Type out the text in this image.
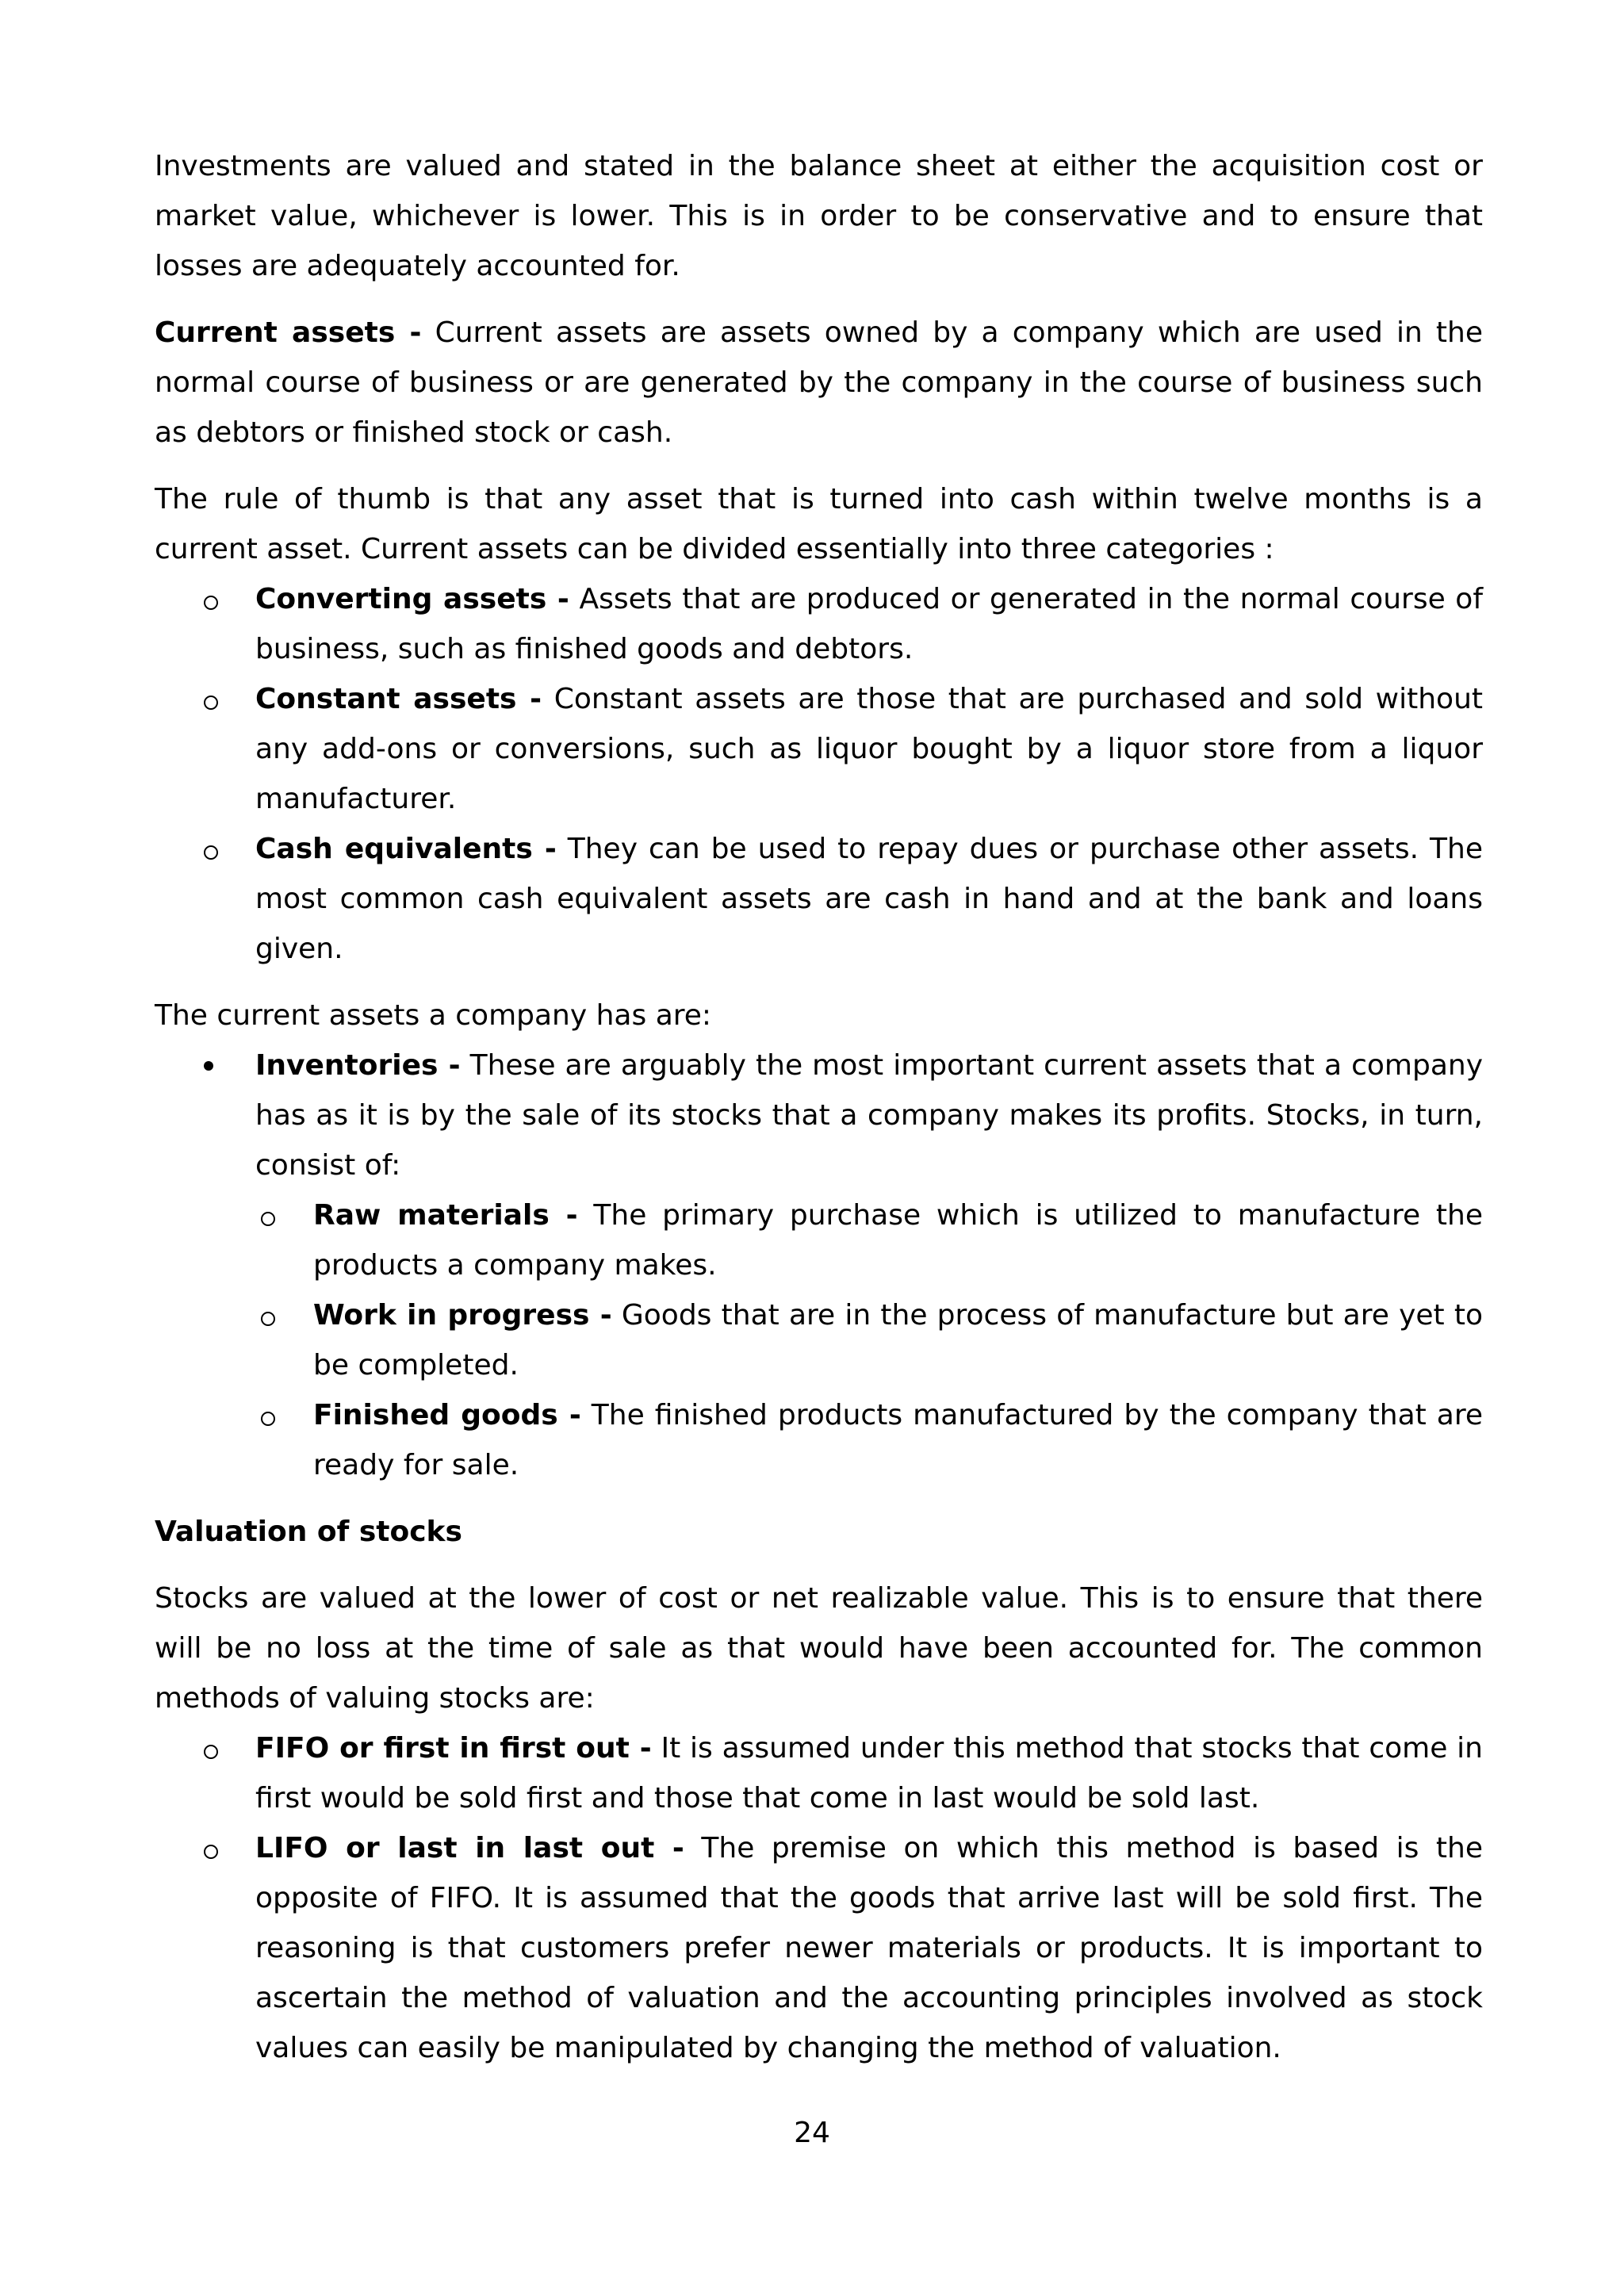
Investments are valued and stated in the balance sheet at either the acquisition cost or market value, whichever is lower. This is in order to be conservative and to ensure that losses are adequately accounted for.

Current assets - Current assets are assets owned by a company which are used in the normal course of business or are generated by the company in the course of business such as debtors or finished stock or cash.

The rule of thumb is that any asset that is turned into cash within twelve months is a current asset. Current assets can be divided essentially into three categories :

Converting assets - Assets that are produced or generated in the normal course of business, such as finished goods and debtors.
Constant assets - Constant assets are those that are purchased and sold without any add-ons or conversions, such as liquor bought by a liquor store from a liquor manufacturer.
Cash equivalents - They can be used to repay dues or purchase other assets. The most common cash equivalent assets are cash in hand and at the bank and loans given.

The current assets a company has are:

Inventories - These are arguably the most important current assets that a company has as it is by the sale of its stocks that a company makes its profits. Stocks, in turn, consist of:
Raw materials - The primary purchase which is utilized to manufacture the products a company makes.
Work in progress - Goods that are in the process of manufacture but are yet to be completed.
Finished goods - The finished products manufactured by the company that are ready for sale.

Valuation of stocks

Stocks are valued at the lower of cost or net realizable value. This is to ensure that there will be no loss at the time of sale as that would have been accounted for. The common methods of valuing stocks are:

FIFO or first in first out - It is assumed under this method that stocks that come in first would be sold first and those that come in last would be sold last.
LIFO or last in last out - The premise on which this method is based is the opposite of FIFO. It is assumed that the goods that arrive last will be sold first. The reasoning is that customers prefer newer materials or products. It is important to ascertain the method of valuation and the accounting principles involved as stock values can easily be manipulated by changing the method of valuation.
24
